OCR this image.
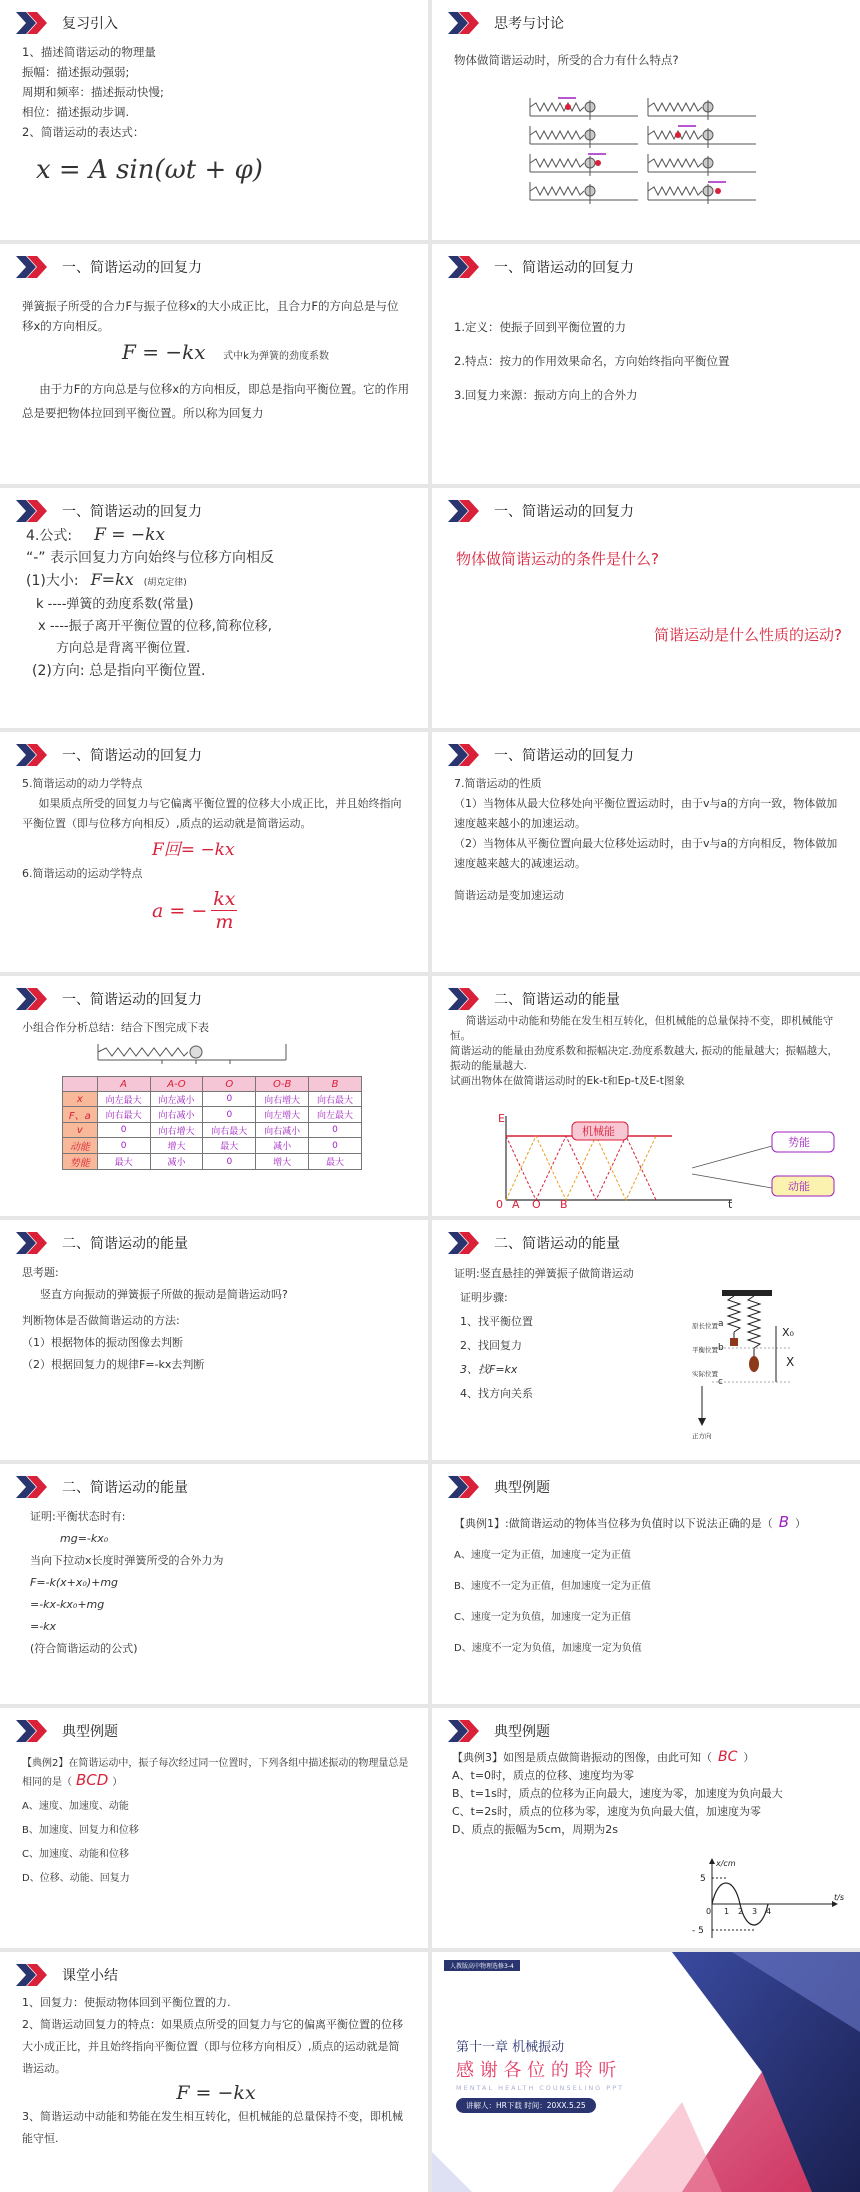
复习引入

1、描述简谐运动的物理量

振幅：描述振动强弱;

周期和频率：描述振动快慢;

相位：描述振动步调.

2、简谐运动的表达式：

x = A sin(ωt + φ)

思考与讨论

物体做简谐运动时，所受的合力有什么特点?

一、简谐运动的回复力

弹簧振子所受的合力F与振子位移x的大小成正比，且合力F的方向总是与位移x的方向相反。

F = −kx 式中k为弹簧的劲度系数

由于力F的方向总是与位移x的方向相反，即总是指向平衡位置。它的作用总是要把物体拉回到平衡位置。所以称为回复力

一、简谐运动的回复力

1.定义：使振子回到平衡位置的力

2.特点：按力的作用效果命名，方向始终指向平衡位置

3.回复力来源：振动方向上的合外力

一、简谐运动的回复力

4.公式: F = −kx

“-” 表示回复力方向始终与位移方向相反

(1)大小: F=kx (胡克定律)

k ----弹簧的劲度系数(常量)

x ----振子离开平衡位置的位移,简称位移,

方向总是背离平衡位置.

(2)方向: 总是指向平衡位置.

一、简谐运动的回复力
物体做简谐运动的条件是什么?
简谐运动是什么性质的运动?
一、简谐运动的回复力

5.简谐运动的动力学特点

如果质点所受的回复力与它偏离平衡位置的位移大小成正比，并且始终指向平衡位置（即与位移方向相反）,质点的运动就是简谐运动。

F回= −kx

6.简谐运动的运动学特点

a = − $\frac{kx}{m}$
一、简谐运动的回复力

7.简谐运动的性质

（1）当物体从最大位移处向平衡位置运动时，由于v与a的方向一致，物体做加速度越来越小的加速运动。

（2）当物体从平衡位置向最大位移处运动时，由于v与a的方向相反，物体做加速度越来越大的减速运动。

简谐运动是变加速运动

一、简谐运动的回复力

小组合作分析总结：结合下图完成下表

	A	A-O	O	O-B	B
x	向左最大	向左减小	0	向右增大	向右最大
F、a	向右最大	向右减小	0	向左增大	向左最大
v	0	向右增大	向右最大	向右减小	0
动能	0	增大	最大	减小	0
势能	最大	减小	0	增大	最大
二、简谐运动的能量

简谐运动中动能和势能在发生相互转化，但机械能的总量保持不变，即机械能守恒。

简谐运动的能量由劲度系数和振幅决定.劲度系数越大, 振动的能量越大；振幅越大，振动的能量越大.

试画出物体在做简谐运动时的Ek-t和Ep-t及E-t图象

E
0 A O B	t
机械能
势能
动能
二、简谐运动的能量

思考题:

竖直方向振动的弹簧振子所做的振动是简谐运动吗?

判断物体是否做简谐运动的方法:

（1）根据物体的振动图像去判断

（2）根据回复力的规律F=-kx去判断

二、简谐运动的能量

证明:竖直悬挂的弹簧振子做简谐运动

证明步骤:

1、找平衡位置

2、找回复力

3、找F=kx

4、找方向关系

X₀
X
a
b
c
原长位置
平衡位置
实际位置
正方向
二、简谐运动的能量

证明:平衡状态时有:

mg=-kx₀

当向下拉动x长度时弹簧所受的合外力为

F=-k(x+x₀)+mg

=-kx-kx₀+mg

=-kx

(符合简谐运动的公式)

典型例题

【典例1】:做简谐运动的物体当位移为负值时以下说法正确的是（ B ）

A、速度一定为正值，加速度一定为正值

B、速度不一定为正值，但加速度一定为正值

C、速度一定为负值，加速度一定为正值

D、速度不一定为负值，加速度一定为负值

典型例题

【典例2】在简谐运动中，振子每次经过同一位置时，下列各组中描述振动的物理量总是相同的是（ BCD ）

A、速度、加速度、动能

B、加速度、回复力和位移

C、加速度、动能和位移

D、位移、动能、回复力

典型例题

【典例3】如图是质点做简谐振动的图像，由此可知（ BC ）

A、t=0时，质点的位移、速度均为零

B、t=1s时，质点的位移为正向最大，速度为零，加速度为负向最大

C、t=2s时，质点的位移为零，速度为负向最大值，加速度为零

D、质点的振幅为5cm，周期为2s

x/cm
t/s
5
- 5
0 1 2 3 4
课堂小结

1、回复力：使振动物体回到平衡位置的力.

2、简谐运动回复力的特点：如果质点所受的回复力与它的偏离平衡位置的位移大小成正比，并且始终指向平衡位置（即与位移方向相反）,质点的运动就是简谐运动。

F = −kx

3、简谐运动中动能和势能在发生相互转化，但机械能的总量保持不变，即机械能守恒.

人教版高中物理选修3-4
第十一章 机械振动
感 谢 各 位 的 聆 听
MENTAL HEALTH COUNSELING PPT
讲解人：HR下载 时间：20XX.5.25
